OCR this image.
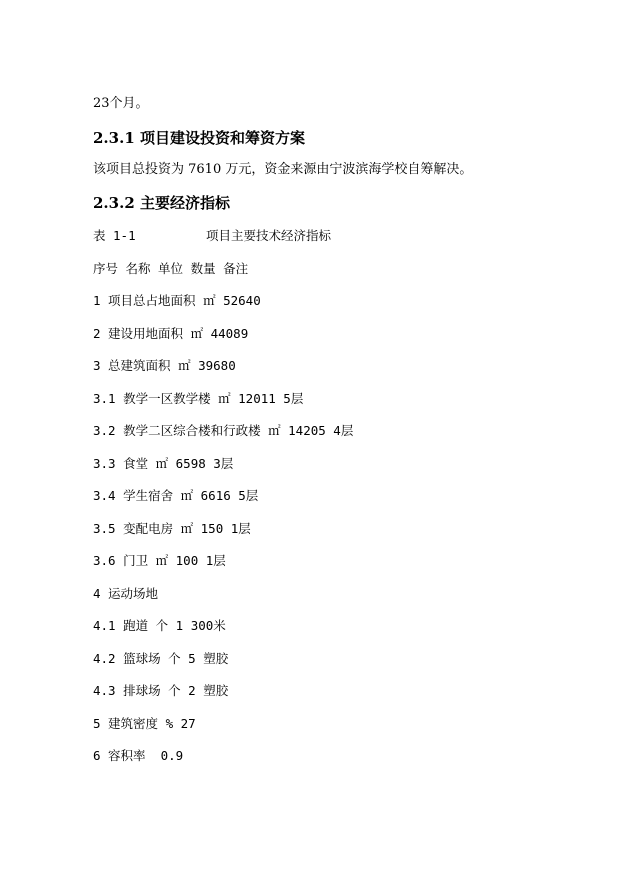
23个月。
2.3.1 项目建设投资和筹资方案
该项目总投资为 7610 万元，资金来源由宁波滨海学校自筹解决。
2.3.2 主要经济指标
表 1-1	项目主要技术经济指标
序号 名称 单位 数量 备注
1 项目总占地面积 ㎡ 52640
2 建设用地面积 ㎡ 44089
3 总建筑面积 ㎡ 39680
3.1 教学一区教学楼 ㎡ 12011 5层
3.2 教学二区综合楼和行政楼 ㎡ 14205 4层
3.3 食堂 ㎡ 6598 3层
3.4 学生宿舍 ㎡ 6616 5层
3.5 变配电房 ㎡ 150 1层
3.6 门卫 ㎡ 100 1层
4 运动场地
4.1 跑道 个 1 300米
4.2 篮球场 个 5 塑胶
4.3 排球场 个 2 塑胶
5 建筑密度 % 27
6 容积率  0.9
